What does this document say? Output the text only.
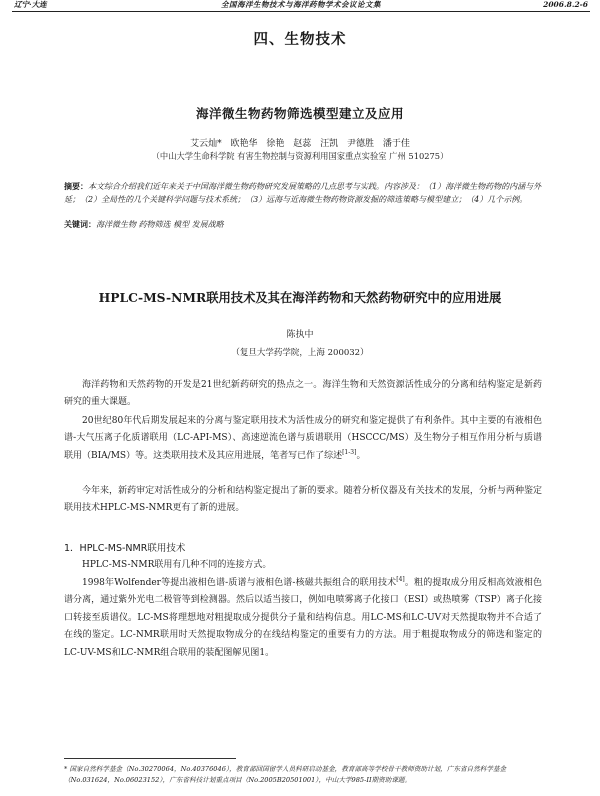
辽宁·大连	全国海洋生物技术与海洋药物学术会议论文集	2006.8.2-6
四、生物技术
海洋微生物药物筛选模型建立及应用
艾云灿* 欧艳华 徐艳 赵蕊 汪凯 尹德胜 潘于佳
（中山大学生命科学院 有害生物控制与资源利用国家重点实验室 广州 510275）
摘要：本文综合介绍我们近年来关于中国海洋微生物药物研究发展策略的几点思考与实践。内容涉及：（1）海洋微生物药物的内涵与外延；（2）全局性的几个关键科学问题与技术系统；（3）远海与近海微生物药物资源发掘的筛选策略与模型建立；（4）几个示例。
关键词：海洋微生物 药物筛选 模型 发展战略
HPLC-MS-NMR联用技术及其在海洋药物和天然药物研究中的应用进展
陈执中
（复旦大学药学院，上海 200032）

海洋药物和天然药物的开发是21世纪新药研究的热点之一。海洋生物和天然资源活性成分的分离和结构鉴定是新药研究的重大课题。

20世纪80年代后期发展起来的分离与鉴定联用技术为活性成分的研究和鉴定提供了有利条件。其中主要的有液相色谱-大气压离子化质谱联用（LC-API-MS）、高速逆流色谱与质谱联用（HSCCC/MS）及生物分子相互作用分析与质谱联用（BIA/MS）等。这类联用技术及其应用进展，笔者写已作了综述[1-3]。

今年来，新药审定对活性成分的分析和结构鉴定提出了新的要求。随着分析仪器及有关技术的发展，分析与两种鉴定联用技术HPLC-MS-NMR更有了新的进展。

1．HPLC-MS-NMR联用技术

HPLC-MS-NMR联用有几种不同的连接方式。

1998年Wolfender等提出液相色谱-质谱与液相色谱-核磁共振组合的联用技术[4]。粗的提取成分用反相高效液相色谱分离，通过紫外光电二极管等到检测器。然后以适当接口，例如电喷雾离子化接口（ESI）或热喷雾（TSP）离子化接口转接至质谱仪。LC-MS将理想地对粗提取成分提供分子量和结构信息。用LC-MS和LC-UV对天然提取物并不合适了在线的鉴定。LC-NMR联用时天然提取物成分的在线结构鉴定的重要有力的方法。用于粗提取物成分的筛选和鉴定的LC-UV-MS和LC-NMR组合联用的装配图解见图1。

* 国家自然科学基金（No.30270064，No.40376046），教育部回国留学人员科研启动基金，教育部高等学校骨干教师资助计划，广东省自然科学基金（No.031624，No.06023152），广东省科技计划重点项目（No.2005B20501001），中山大学985-II期资助课题。
